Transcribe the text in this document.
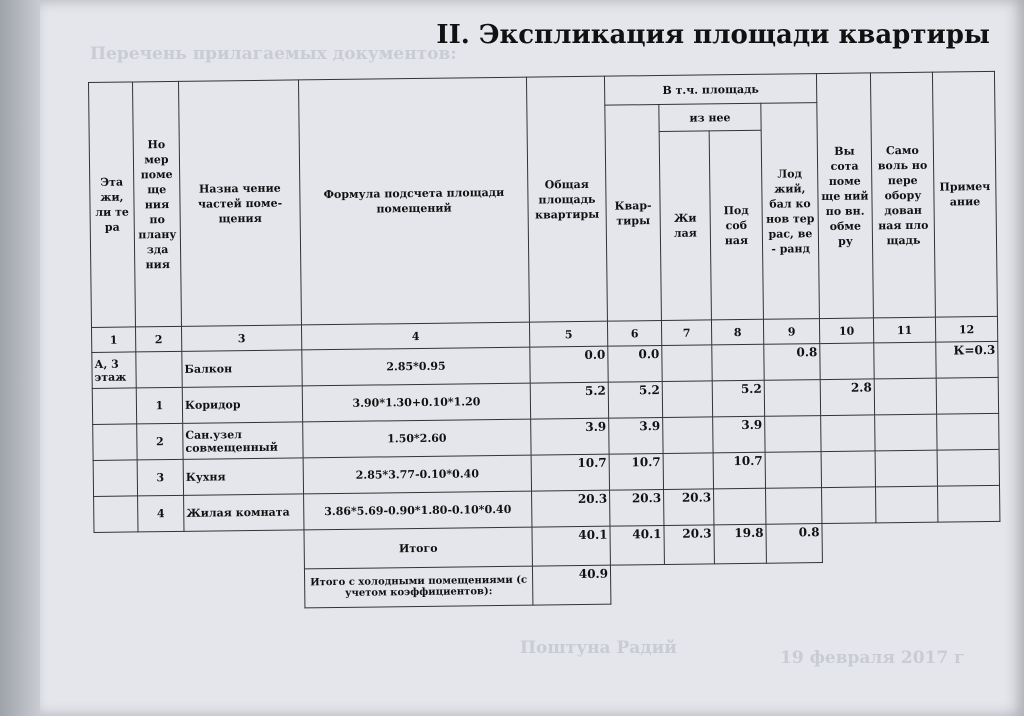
II. Экспликация площади квартиры
Перечень прилагаемых документов:
Поштуна Радий	19 февраля 2017 г
Эта жи, ли те ра	Но мер поме ще ния по плану зда ния	Назна чение частей поме- щения	Формула подсчета площади помещений	Общая площадь квартиры	В т.ч. площадь				Вы сота поме ще ний по вн. обме ру	Само воль но пере обору дован ная пло щадь	Примеч ание
					Квар- тиры	из нее		Лод жий, бал ко нов тер рас, ве - ранд			
						Жи лая	Под соб ная				
1	2	3	4	5	6	7	8	9	10	11	12
А, 3 этаж		Балкон	2.85*0.95	0.0	0.0			0.8			К=0.3
	1	Коридор	3.90*1.30+0.10*1.20	5.2	5.2		5.2		2.8		
	2	Сан.узел совмещенный	1.50*2.60	3.9	3.9		3.9				
	3	Кухня	2.85*3.77-0.10*0.40	10.7	10.7		10.7				
	4	Жилая комната	3.86*5.69-0.90*1.80-0.10*0.40	20.3	20.3	20.3					
			Итого	40.1	40.1	20.3	19.8	0.8			
			Итого с холодными помещениями (с учетом коэффициентов):	40.9							
